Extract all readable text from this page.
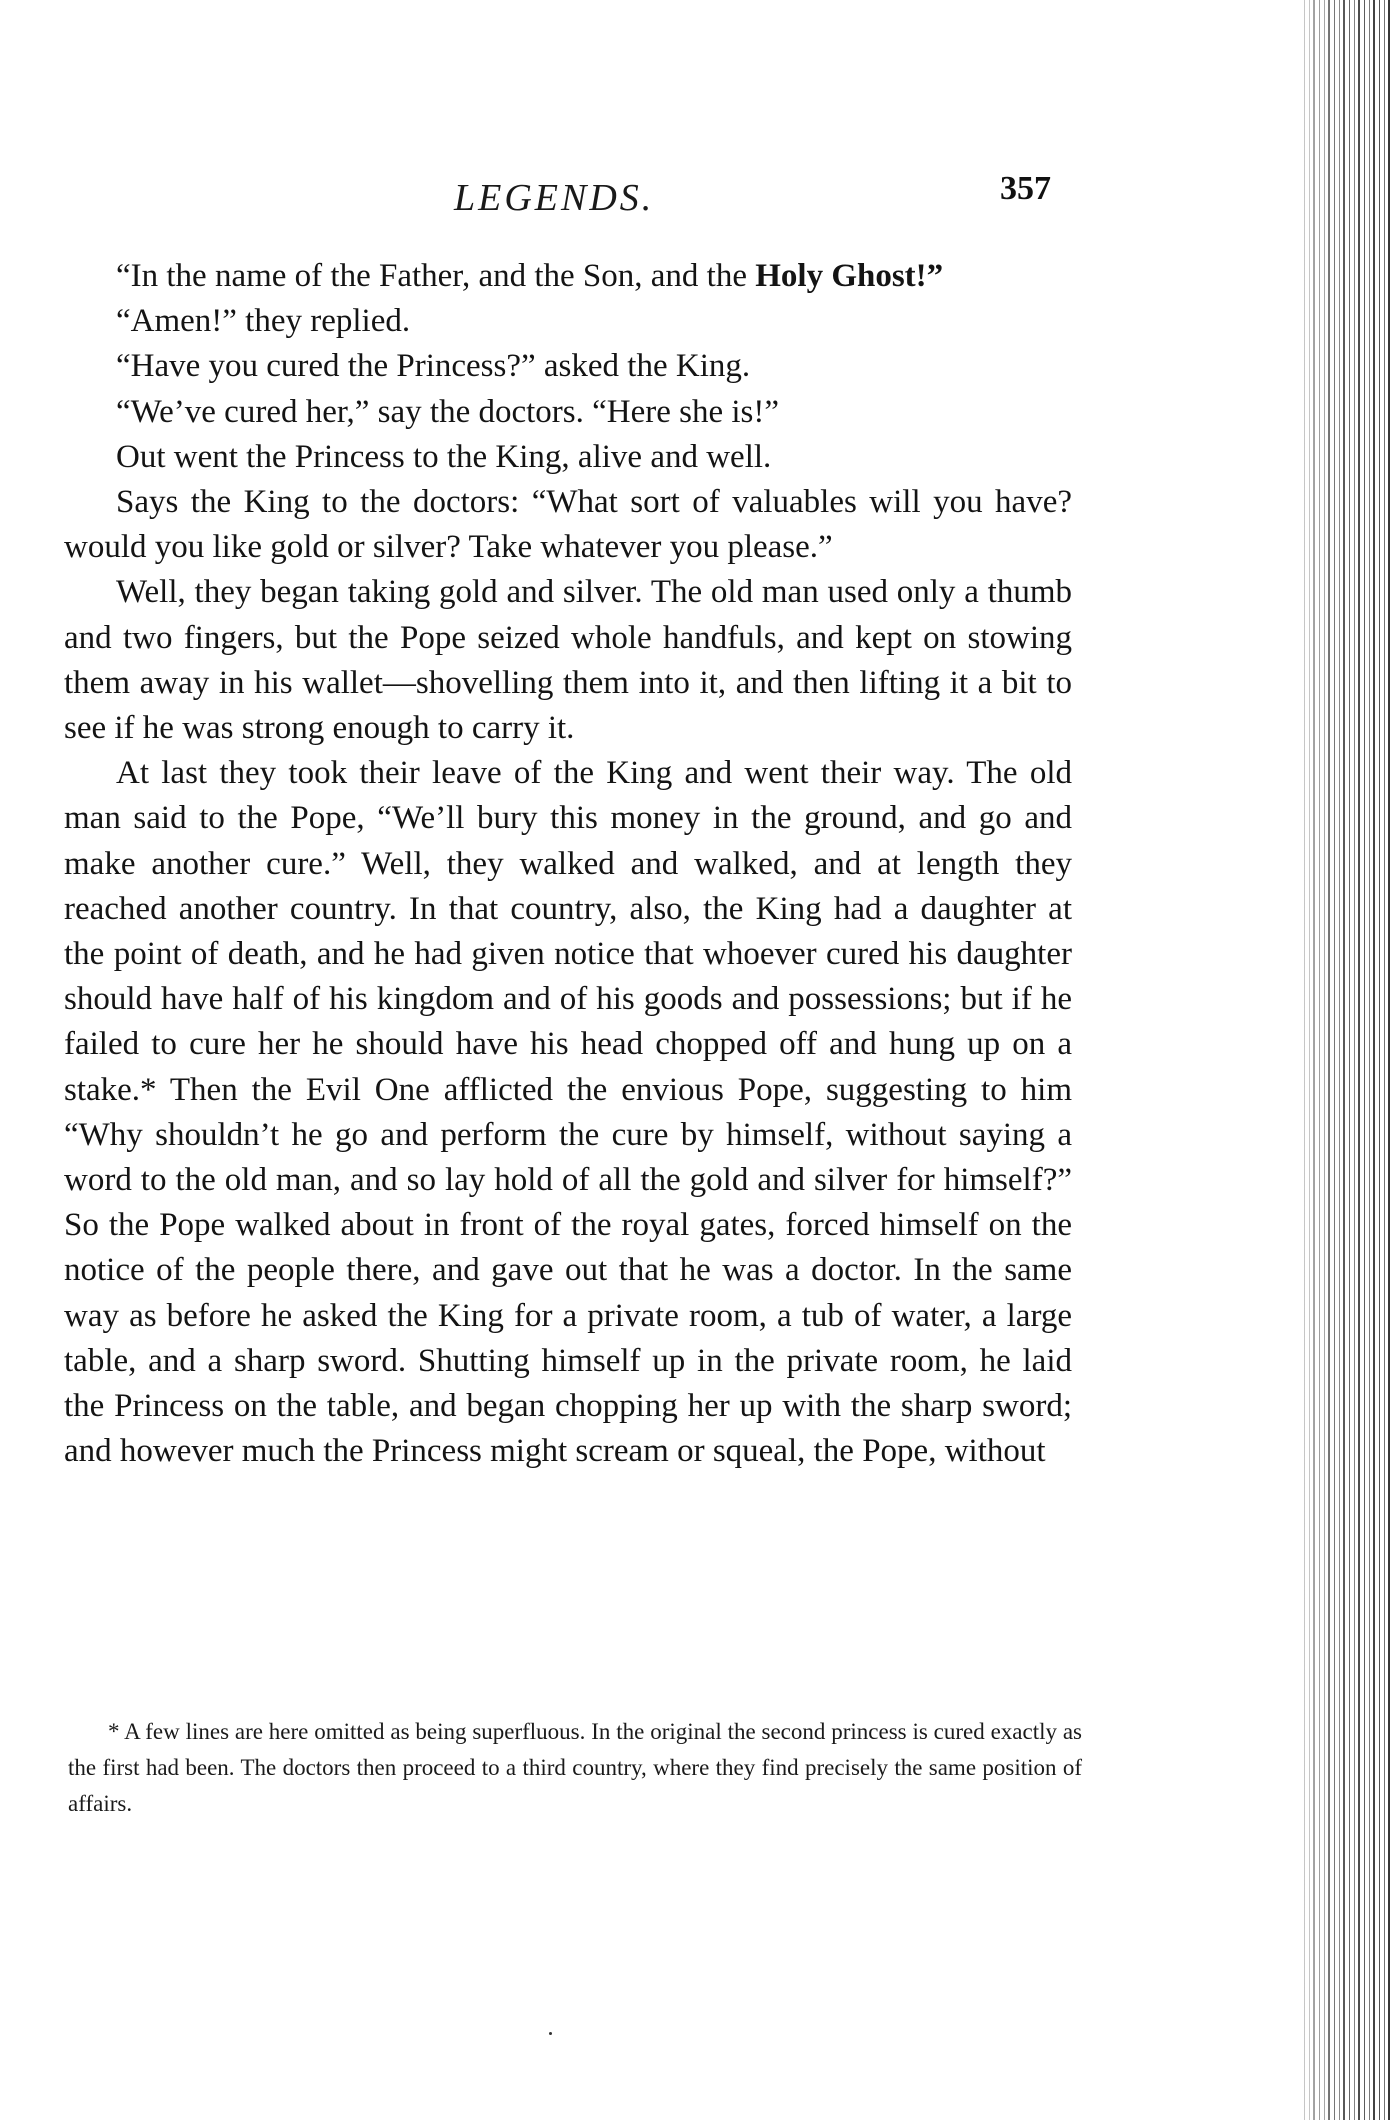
LEGENDS.	357

“In the name of the Father, and the Son, and the Holy Ghost!”

“Amen!” they replied.

“Have you cured the Princess?” asked the King.

“We’ve cured her,” say the doctors. “Here she is!”

Out went the Princess to the King, alive and well.

Says the King to the doctors: “What sort of valuables will you have? would you like gold or silver? Take whatever you please.”

Well, they began taking gold and silver. The old man used only a thumb and two fingers, but the Pope seized whole handfuls, and kept on stowing them away in his wallet—shovelling them into it, and then lifting it a bit to see if he was strong enough to carry it.

At last they took their leave of the King and went their way. The old man said to the Pope, “We’ll bury this money in the ground, and go and make another cure.” Well, they walked and walked, and at length they reached another country. In that country, also, the King had a daughter at the point of death, and he had given notice that whoever cured his daughter should have half of his kingdom and of his goods and possessions; but if he failed to cure her he should have his head chopped off and hung up on a stake.* Then the Evil One afflicted the envious Pope, suggesting to him “Why shouldn’t he go and perform the cure by himself, without saying a word to the old man, and so lay hold of all the gold and silver for himself?” So the Pope walked about in front of the royal gates, forced himself on the notice of the people there, and gave out that he was a doctor. In the same way as before he asked the King for a private room, a tub of water, a large table, and a sharp sword. Shutting himself up in the private room, he laid the Princess on the table, and began chopping her up with the sharp sword; and however much the Princess might scream or squeal, the Pope, without

* A few lines are here omitted as being superfluous. In the original the second princess is cured exactly as the first had been. The doctors then proceed to a third country, where they find precisely the same position of affairs.
